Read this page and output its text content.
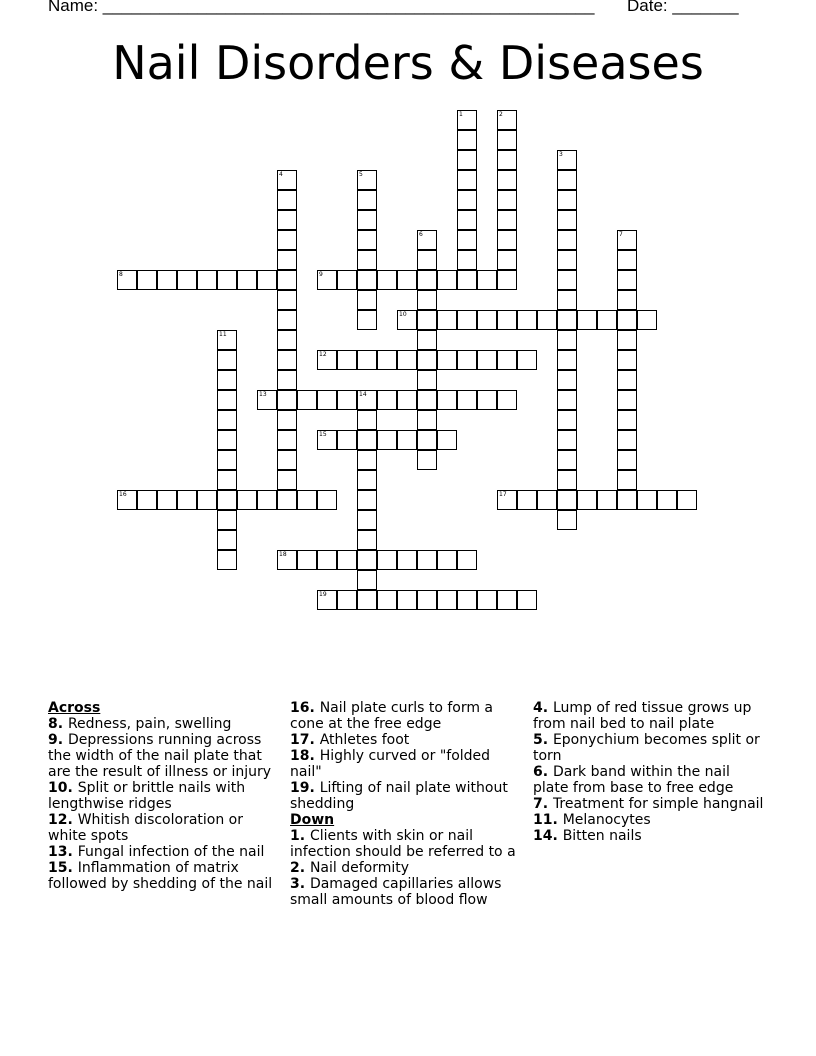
Name: ____________________________________________________ Date: _______
Nail Disorders & Diseases
1	2
3
4	5
6	7
8	9
10
11
12
13	14
15
16	17
18
19
Across
8. Redness, pain, swelling
9. Depressions running across the width of the nail plate that are the result of illness or injury
10. Split or brittle nails with lengthwise ridges
12. Whitish discoloration or white spots
13. Fungal infection of the nail
15. Inflammation of matrix followed by shedding of the nail
16. Nail plate curls to form a cone at the free edge
17. Athletes foot
18. Highly curved or "folded nail"
19. Lifting of nail plate without shedding
Down
1. Clients with skin or nail infection should be referred to a
2. Nail deformity
3. Damaged capillaries allows small amounts of blood flow
4. Lump of red tissue grows up from nail bed to nail plate
5. Eponychium becomes split or torn
6. Dark band within the nail plate from base to free edge
7. Treatment for simple hangnail
11. Melanocytes
14. Bitten nails
